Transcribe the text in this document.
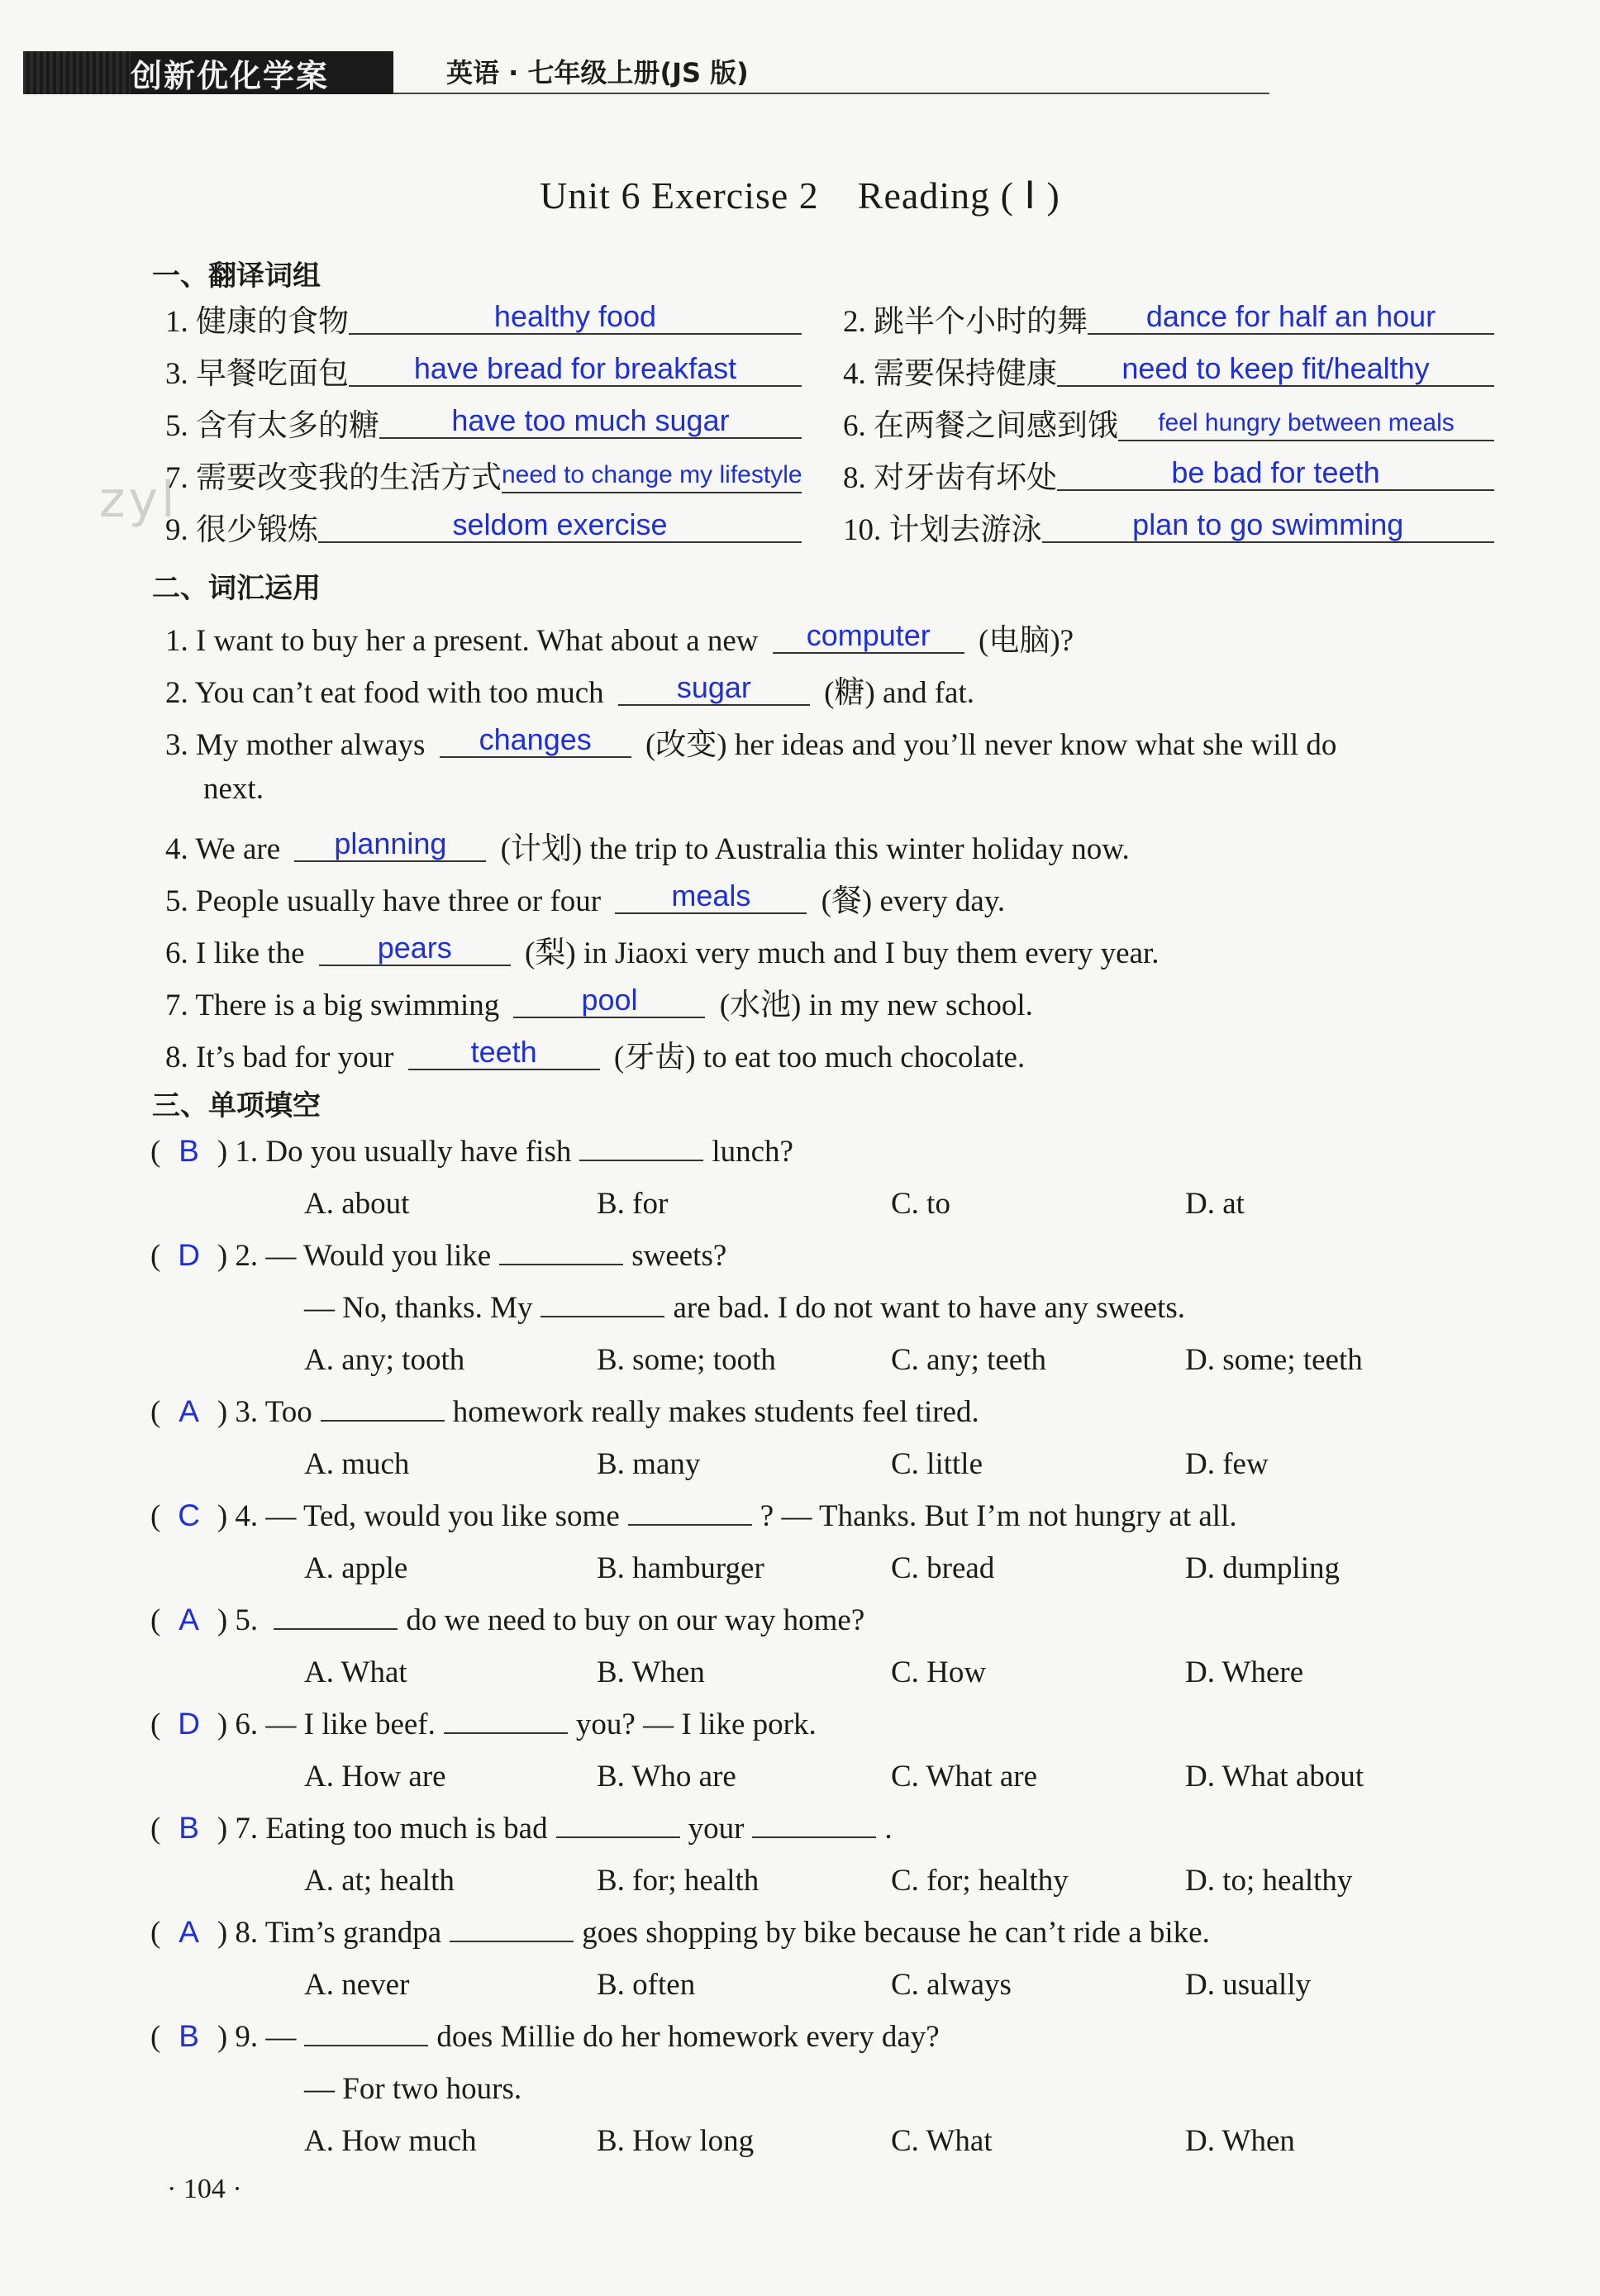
创新优化学案	英语 · 七年级上册(JS 版)
Unit 6 Exercise 2　Reading ( Ⅰ )
zyl
一、翻译词组
1. 健康的食物	healthy food	2. 跳半个小时的舞 dance for half an hour
3. 早餐吃面包 have bread for breakfast	4. 需要保持健康 need to keep fit/healthy
5. 含有太多的糖 have too much sugar	6. 在两餐之间感到饿 feel hungry between meals
7. 需要改变我的生活方式need to change my lifestyle 8. 对牙齿有坏处	be bad for teeth
9. 很少锻炼	seldom exercise	10. 计划去游泳	plan to go swimming
二、词汇运用
1. I want to buy her a present. What about a new computer (电脑)?
2. You can’t eat food with too much sugar (糖) and fat.
3. My mother always changes (改变) her ideas and you’ll never know what she will do
next.
4. We are planning (计划) the trip to Australia this winter holiday now.
5. People usually have three or four meals (餐) every day.
6. I like the pears (梨) in Jiaoxi very much and I buy them every year.
7. There is a big swimming pool (水池) in my new school.
8. It’s bad for your teeth (牙齿) to eat too much chocolate.
三、单项填空
( B ) 1. Do you usually have fish	lunch?
A. about	B. for	C. to	D. at
( D ) 2. — Would you like	sweets?
— No, thanks. My	are bad. I do not want to have any sweets.
A. any; tooth	B. some; tooth	C. any; teeth	D. some; teeth
( A ) 3. Too	homework really makes students feel tired.
A. much	B. many	C. little	D. few
( C ) 4. — Ted, would you like some	? — Thanks. But I’m not hungry at all.
A. apple	B. hamburger	C. bread	D. dumpling
( A ) 5.	do we need to buy on our way home?
A. What	B. When	C. How	D. Where
( D ) 6. — I like beef.	you? — I like pork.
A. How are	B. Who are	C. What are	D. What about
( B ) 7. Eating too much is bad	your	.
A. at; health	B. for; health	C. for; healthy	D. to; healthy
( A ) 8. Tim’s grandpa	goes shopping by bike because he can’t ride a bike.
A. never	B. often	C. always	D. usually
( B ) 9. —	does Millie do her homework every day?
— For two hours.
A. How much	B. How long	C. What	D. When
· 104 ·
